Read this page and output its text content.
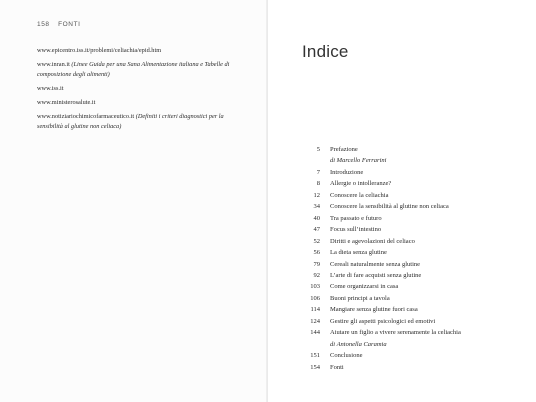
158 FONTI
www.epicentro.iss.it/problemi/celiachia/epid.htm
www.inran.it (Linee Guida per una Sana Alimentazione italiana e Tabelle di composizione degli alimenti)
www.iss.it
www.ministerosalute.it
www.notiziariochimicofarmaceutico.it (Definiti i criteri diagnostici per la sensibilità al glutine non celiaca)
Indice
5	Prefazione
di Marcello Ferrarini
7	Introduzione
8	Allergie o intolleranze?
12	Conoscere la celiachia
34	Conoscere la sensibilità al glutine non celiaca
40	Tra passato e futuro
47	Focus sull’intestino
52	Diritti e agevolazioni del celiaco
56	La dieta senza glutine
79	Cereali naturalmente senza glutine
92	L’arte di fare acquisti senza glutine
103	Come organizzarsi in casa
106	Buoni principi a tavola
114	Mangiare senza glutine fuori casa
124	Gestire gli aspetti psicologici ed emotivi
144	Aiutare un figlio a vivere serenamente la celiachia
di Antonella Caramia
151	Conclusione
154	Fonti
